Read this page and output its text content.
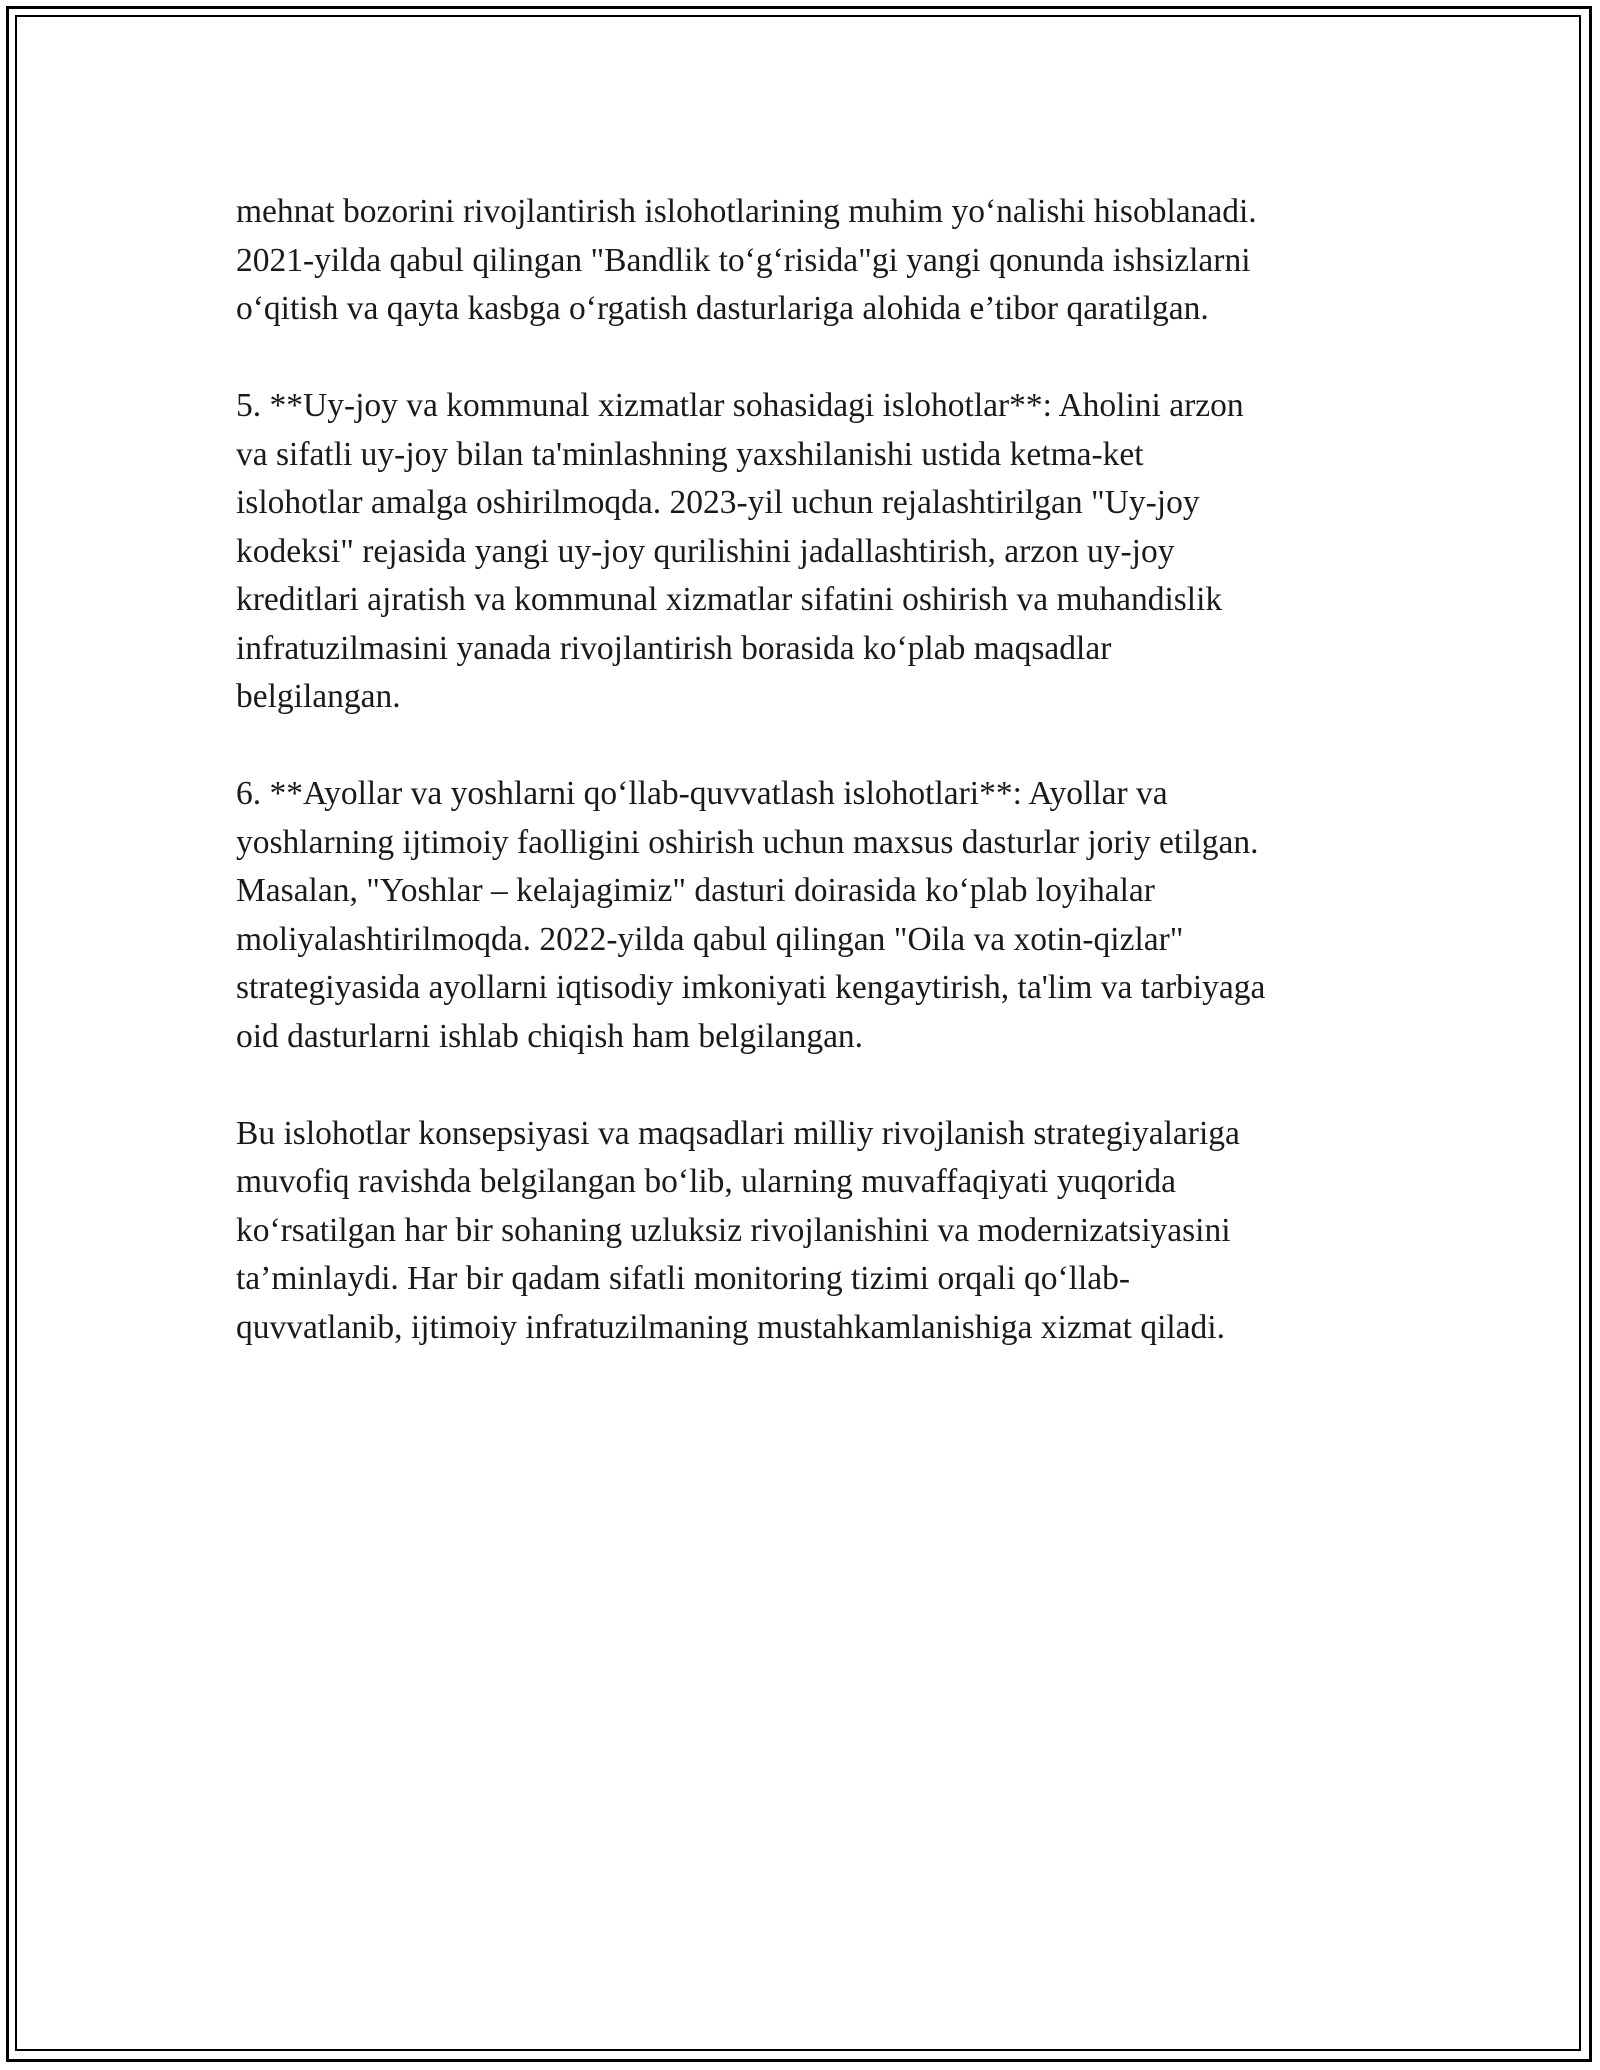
mehnat bozorini rivojlantirish islohotlarining muhim yo‘nalishi hisoblanadi.
2021-yilda qabul qilingan "Bandlik to‘g‘risida"gi yangi qonunda ishsizlarni
o‘qitish va qayta kasbga o‘rgatish dasturlariga alohida e’tibor qaratilgan.

5. **Uy-joy va kommunal xizmatlar sohasidagi islohotlar**: Aholini arzon
va sifatli uy-joy bilan ta'minlashning yaxshilanishi ustida ketma-ket
islohotlar amalga oshirilmoqda. 2023-yil uchun rejalashtirilgan "Uy-joy
kodeksi" rejasida yangi uy-joy qurilishini jadallashtirish, arzon uy-joy
kreditlari ajratish va kommunal xizmatlar sifatini oshirish va muhandislik
infratuzilmasini yanada rivojlantirish borasida ko‘plab maqsadlar
belgilangan.

6. **Ayollar va yoshlarni qo‘llab-quvvatlash islohotlari**: Ayollar va
yoshlarning ijtimoiy faolligini oshirish uchun maxsus dasturlar joriy etilgan.
Masalan, "Yoshlar – kelajagimiz" dasturi doirasida ko‘plab loyihalar
moliyalashtirilmoqda. 2022-yilda qabul qilingan "Oila va xotin-qizlar"
strategiyasida ayollarni iqtisodiy imkoniyati kengaytirish, ta'lim va tarbiyaga
oid dasturlarni ishlab chiqish ham belgilangan.

Bu islohotlar konsepsiyasi va maqsadlari milliy rivojlanish strategiyalariga
muvofiq ravishda belgilangan bo‘lib, ularning muvaffaqiyati yuqorida
ko‘rsatilgan har bir sohaning uzluksiz rivojlanishini va modernizatsiyasini
ta’minlaydi. Har bir qadam sifatli monitoring tizimi orqali qo‘llab-
quvvatlanib, ijtimoiy infratuzilmaning mustahkamlanishiga xizmat qiladi.
